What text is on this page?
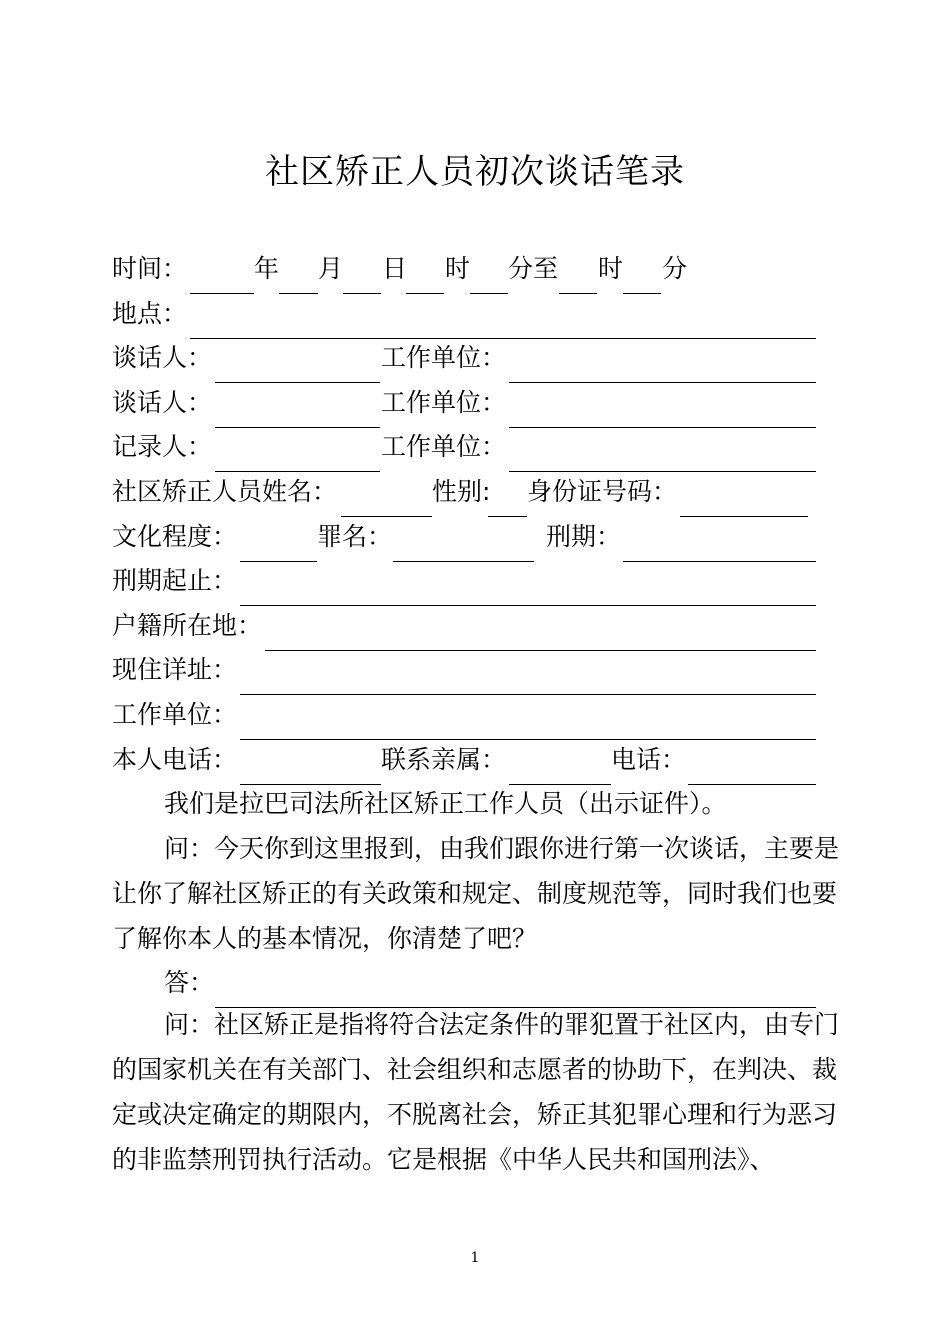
社区矫正人员初次谈话笔录
时间：	年 月 日 时 分至 时 分
地点：
谈话人：	工作单位：
谈话人：	工作单位：
记录人：	工作单位：
社区矫正人员姓名：	性别: 身份证号码：
文化程度：	罪名：	刑期：
刑期起止：
户籍所在地：
现住详址：
工作单位：
本人电话：	联系亲属：	电话：

我们是拉巴司法所社区矫正工作人员（出示证件）。

问：今天你到这里报到，由我们跟你进行第一次谈话，主要是让你了解社区矫正的有关政策和规定、制度规范等，同时我们也要了解你本人的基本情况，你清楚了吧？

答：

问：社区矫正是指将符合法定条件的罪犯置于社区内，由专门的国家机关在有关部门、社会组织和志愿者的协助下，在判决、裁定或决定确定的期限内，不脱离社会，矫正其犯罪心理和行为恶习的非监禁刑罚执行活动。它是根据《中华人民共和国刑法》、

1
